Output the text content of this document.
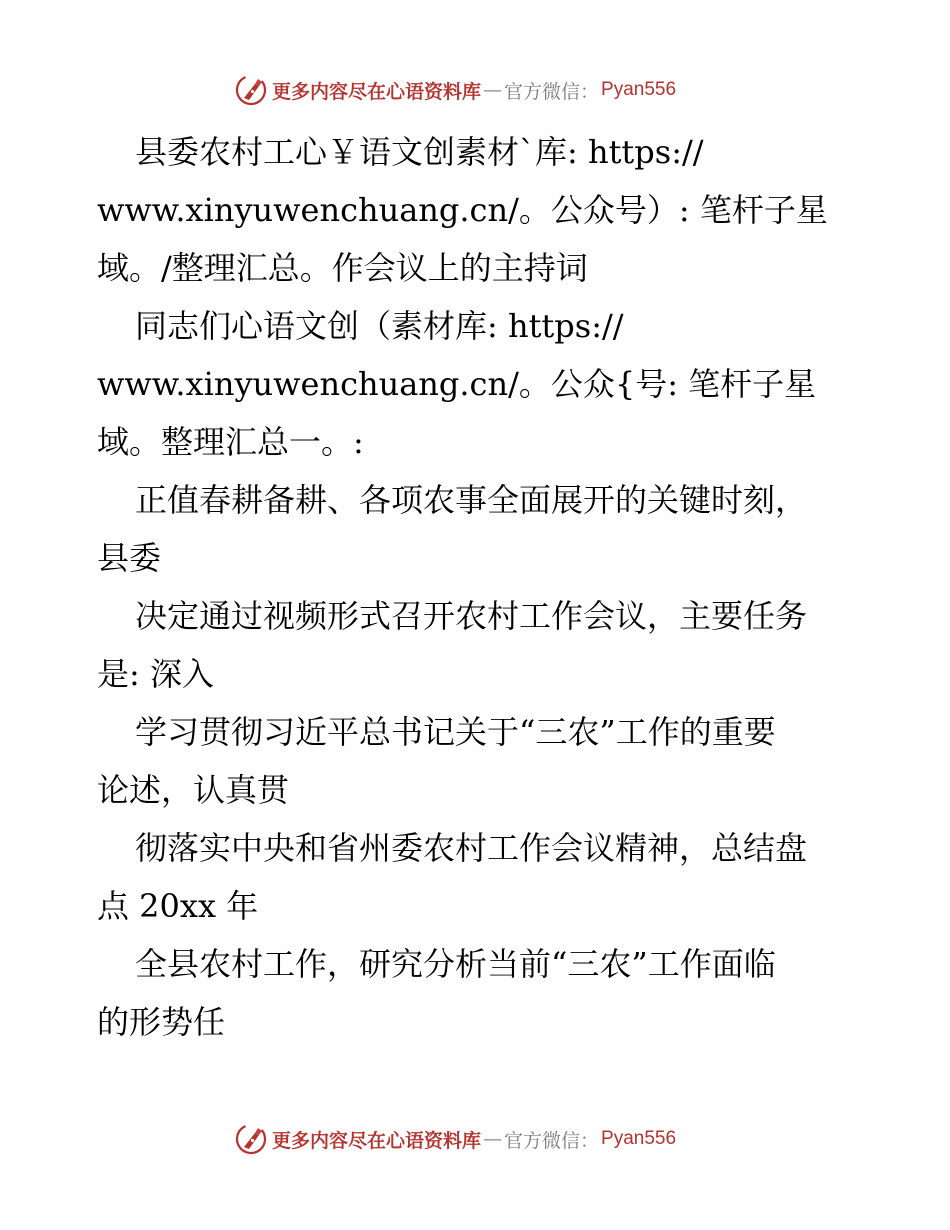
更多内容尽在心语资料库 — 官方微信： Pyan556
县委农村工心￥语文创素材`库: https://
www.xinyuwenchuang.cn/。公众号）: 笔杆子星
域。/整理汇总。作会议上的主持词
同志们心语文创（素材库: https://
www.xinyuwenchuang.cn/。公众{号: 笔杆子星
域。整理汇总一。:
正值春耕备耕、各项农事全面展开的关键时刻，
县委
决定通过视频形式召开农村工作会议，主要任务
是: 深入
学习贯彻习近平总书记关于“三农”工作的重要
论述，认真贯
彻落实中央和省州委农村工作会议精神，总结盘
点 20xx 年
全县农村工作，研究分析当前“三农”工作面临
的形势任
更多内容尽在心语资料库 — 官方微信： Pyan556
